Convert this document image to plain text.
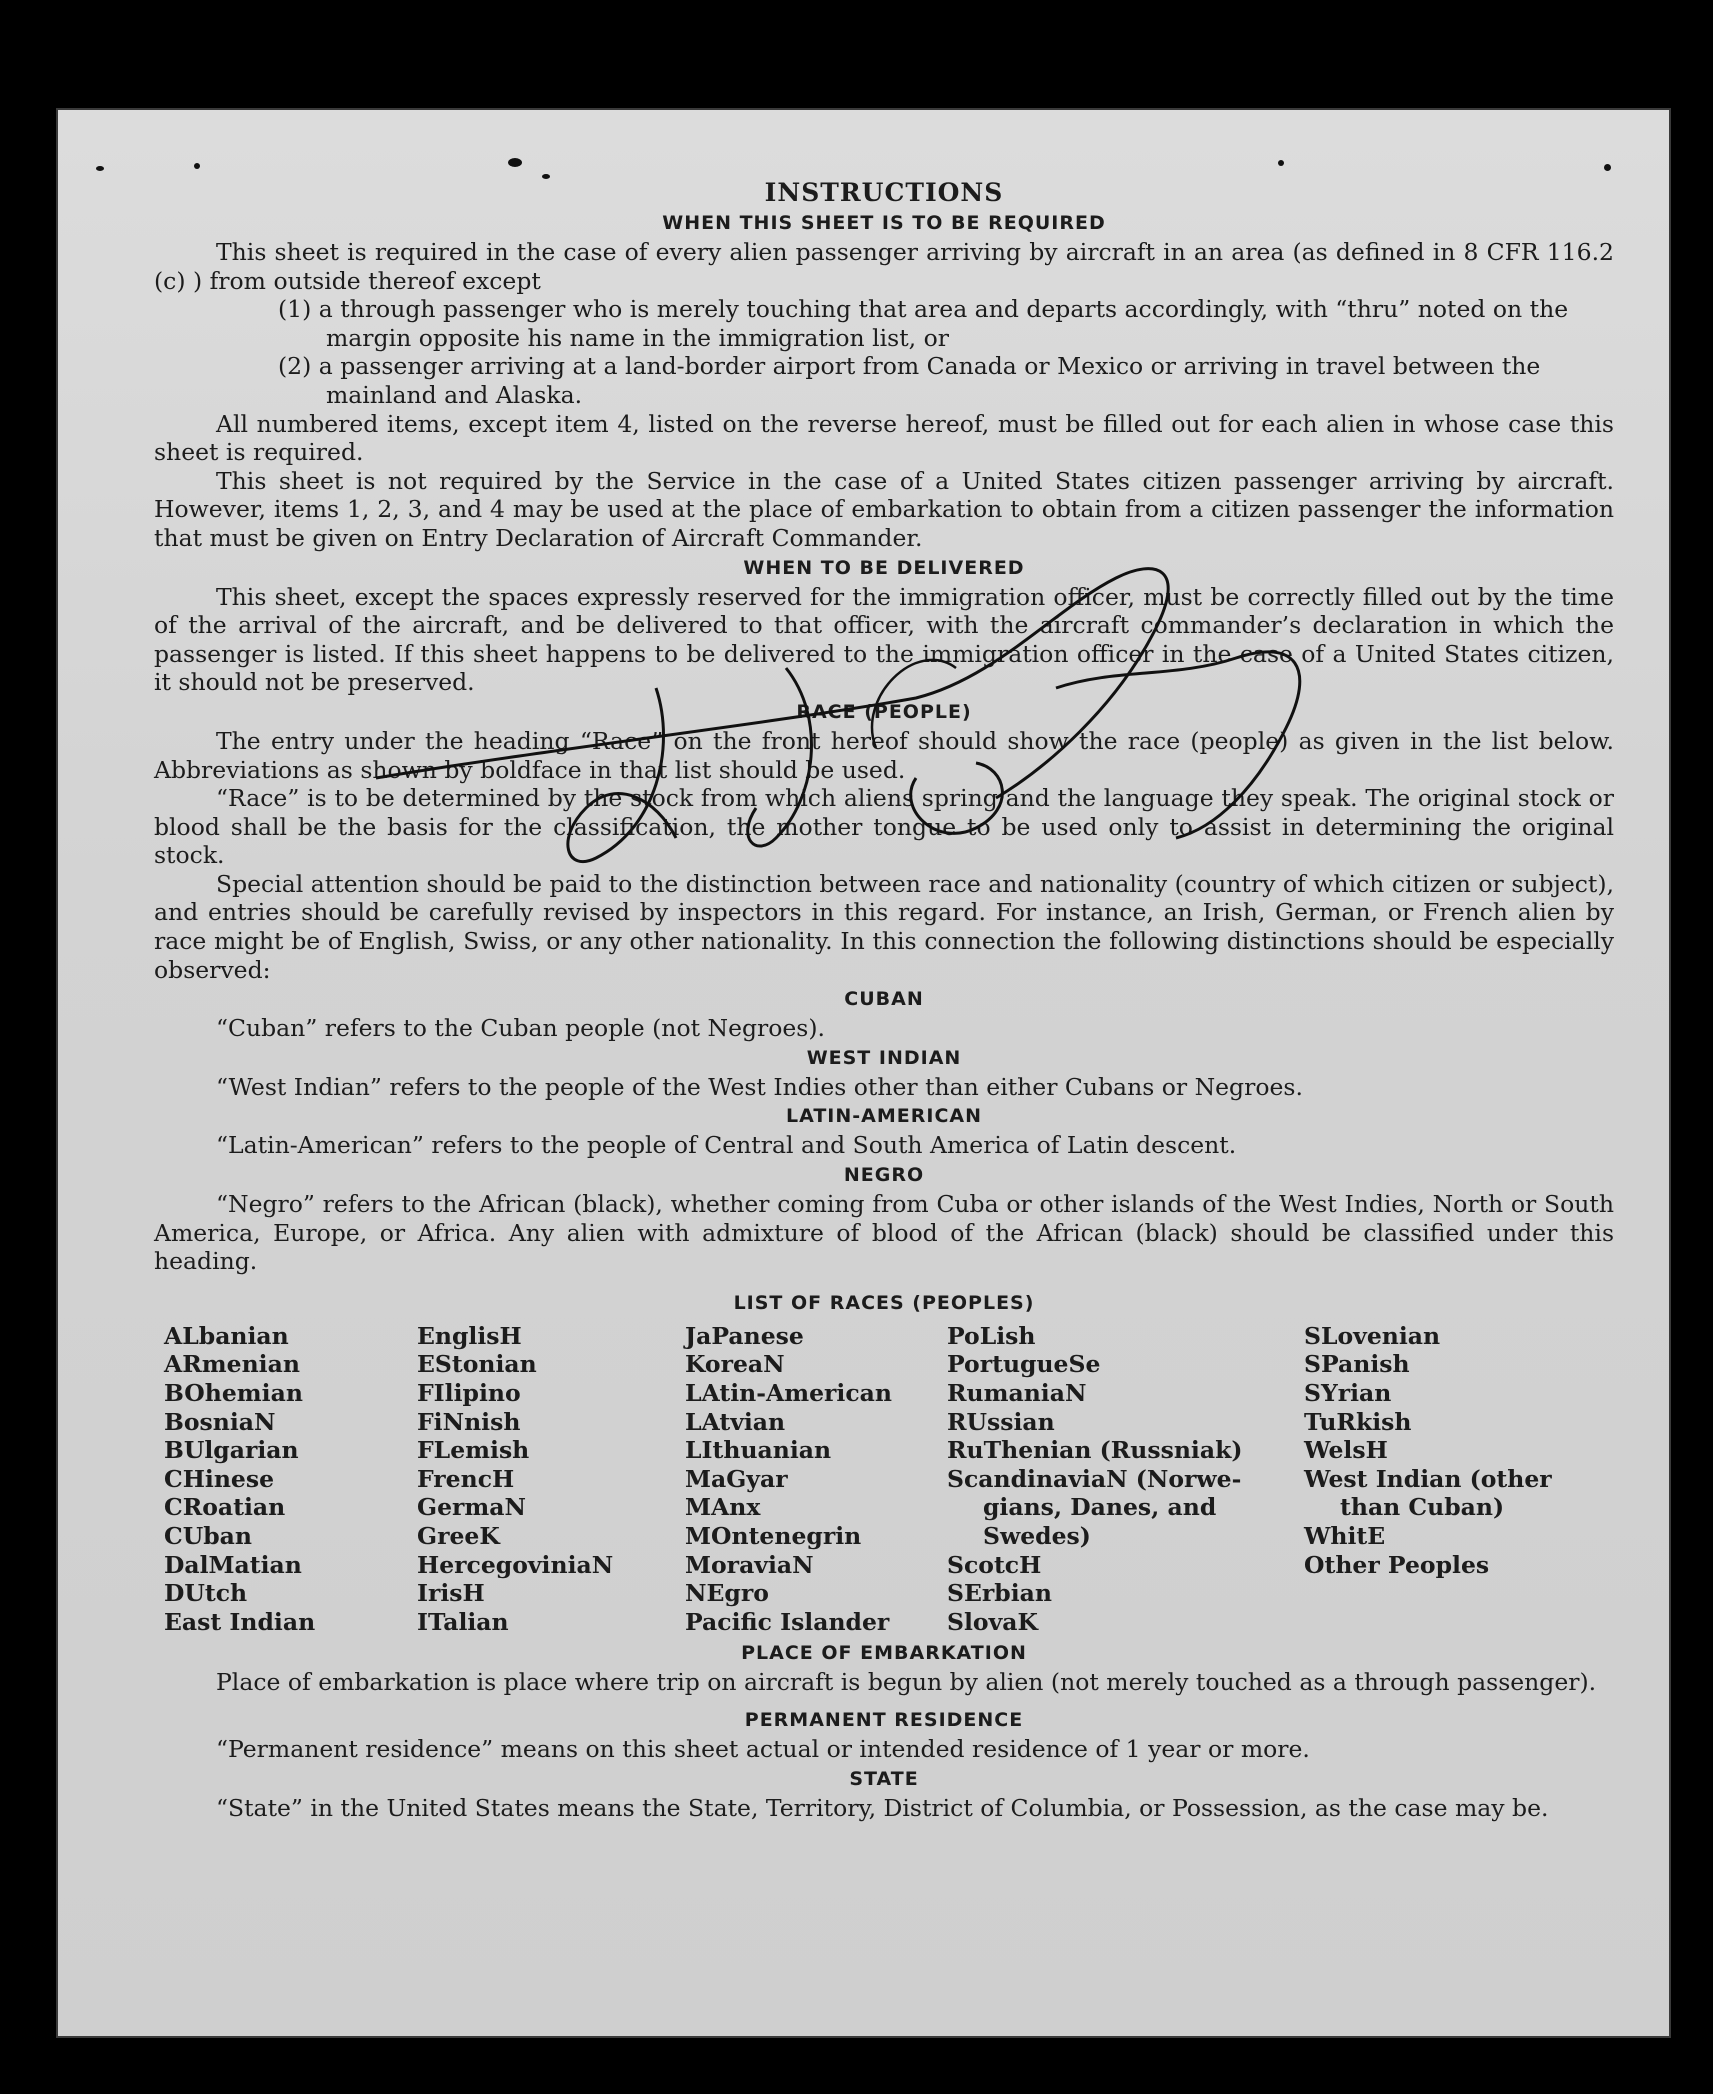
INSTRUCTIONS
WHEN THIS SHEET IS TO BE REQUIRED

This sheet is required in the case of every alien passenger arriving by aircraft in an area (as defined in 8 CFR 116.2 (c) ) from outside thereof except

(1) a through passenger who is merely touching that area and departs accordingly, with “thru” noted on the margin opposite his name in the immigration list, or
(2) a passenger arriving at a land-border airport from Canada or Mexico or arriving in travel between the mainland and Alaska.

All numbered items, except item 4, listed on the reverse hereof, must be filled out for each alien in whose case this sheet is required.

This sheet is not required by the Service in the case of a United States citizen passenger arriving by aircraft. However, items 1, 2, 3, and 4 may be used at the place of embarkation to obtain from a citizen passenger the information that must be given on Entry Declaration of Aircraft Commander.

WHEN TO BE DELIVERED

This sheet, except the spaces expressly reserved for the immigration officer, must be correctly filled out by the time of the arrival of the aircraft, and be delivered to that officer, with the aircraft commander’s declaration in which the passenger is listed. If this sheet happens to be delivered to the immigration officer in the case of a United States citizen, it should not be preserved.

RACE (PEOPLE)

The entry under the heading “Race” on the front hereof should show the race (people) as given in the list below. Abbreviations as shown by boldface in that list should be used.

“Race” is to be determined by the stock from which aliens spring and the language they speak. The original stock or blood shall be the basis for the classification, the mother tongue to be used only to assist in determining the original stock.

Special attention should be paid to the distinction between race and nationality (country of which citizen or subject), and entries should be carefully revised by inspectors in this regard. For instance, an Irish, German, or French alien by race might be of English, Swiss, or any other nationality. In this connection the following distinctions should be especially observed:

CUBAN
“Cuban” refers to the Cuban people (not Negroes).
WEST INDIAN
“West Indian” refers to the people of the West Indies other than either Cubans or Negroes.
LATIN-AMERICAN
“Latin-American” refers to the people of Central and South America of Latin descent.
NEGRO

“Negro” refers to the African (black), whether coming from Cuba or other islands of the West Indies, North or South America, Europe, or Africa. Any alien with admixture of blood of the African (black) should be classified under this heading.

LIST OF RACES (PEOPLES)
ALbanian
ARmenian
BOhemian
BosniaN
BUlgarian
CHinese
CRoatian
CUban
DalMatian
DUtch
East Indian
EnglisH
EStonian
FIlipino
FiNnish
FLemish
FrencH
GermaN
GreeK
HercegoviniaN
IrisH
ITalian
JaPanese
KoreaN
LAtin-American
LAtvian
LIthuanian
MaGyar
MAnx
MOntenegrin
MoraviaN
NEgro
Pacific Islander
PoLish
PortugueSe
RumaniaN
RUssian
RuThenian (Russniak)
ScandinaviaN (Norwe-
gians, Danes, and
Swedes)
ScotcH
SErbian
SlovaK
SLovenian
SPanish
SYrian
TuRkish
WelsH
West Indian (other
than Cuban)
WhitE
Other Peoples
PLACE OF EMBARKATION

Place of embarkation is place where trip on aircraft is begun by alien (not merely touched as a through passenger).

PERMANENT RESIDENCE

“Permanent residence” means on this sheet actual or intended residence of 1 year or more.

STATE

“State” in the United States means the State, Territory, District of Columbia, or Possession, as the case may be.
